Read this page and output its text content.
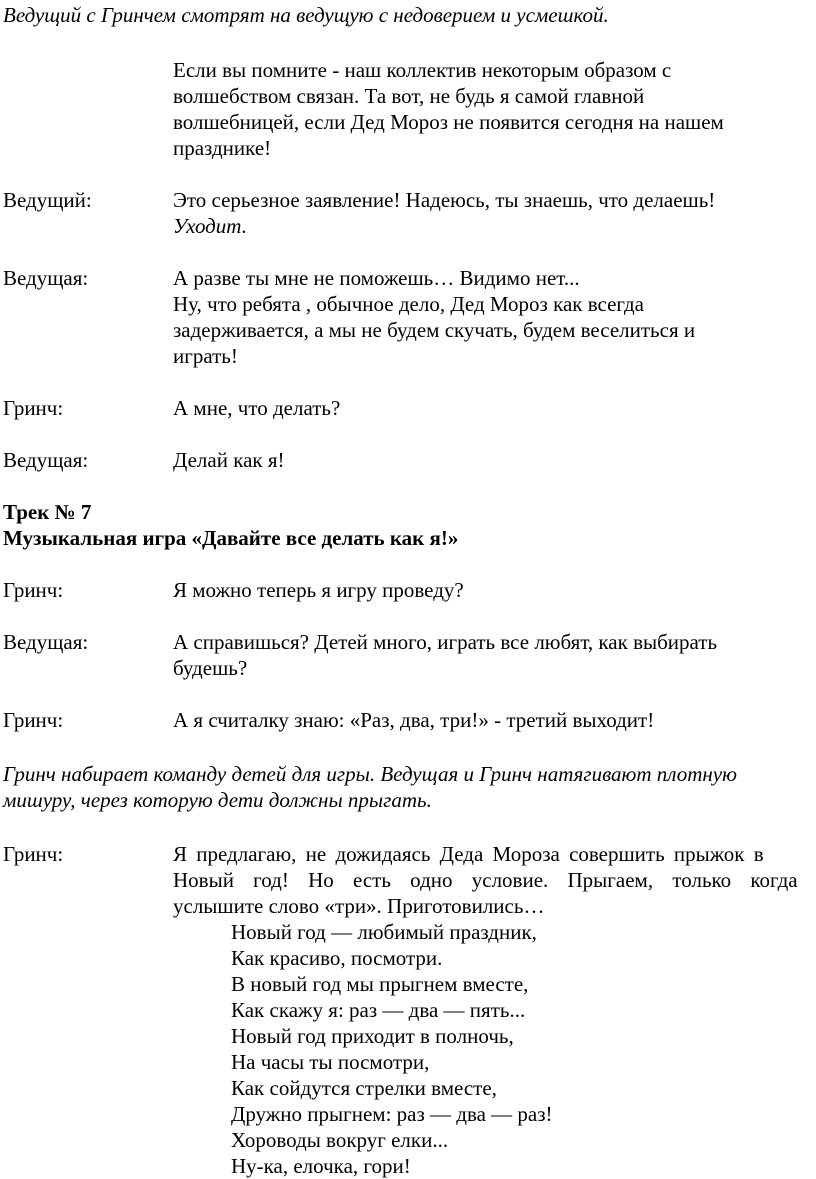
Ведущий с Гринчем смотрят на ведущую с недоверием и усмешкой.

Если вы помните - наш коллектив некоторым образом с

волшебством связан. Та вот, не будь я самой главной

волшебницей, если Дед Мороз не появится сегодня на нашем

празднике!

Ведущий:	Это серьезное заявление! Надеюсь, ты знаешь, что делаешь!

Уходит.

Ведущая:	А разве ты мне не поможешь… Видимо нет...

Ну, что ребята , обычное дело, Дед Мороз как всегда

задерживается, а мы не будем скучать, будем веселиться и

играть!

Гринч:	А мне, что делать?

Ведущая:	Делай как я!

Трек № 7
Музыкальная игра «Давайте все делать как я!»
Гринч:	Я можно теперь я игру проведу?

Ведущая:	А справишься? Детей много, играть все любят, как выбирать

будешь?

Гринч:	А я считалку знаю: «Раз, два, три!» - третий выходит!

Гринч набирает команду детей для игры. Ведущая и Гринч натягивают плотную
мишуру, через которую дети должны прыгать.
Гринч:	Я предлагаю, не дожидаясь Деда Мороза совершить прыжок в

Новый год! Но есть одно условие. Прыгаем, только когда

услышите слово «три». Приготовились…

Новый год — любимый праздник,
Как красиво, посмотри.
В новый год мы прыгнем вместе,
Как скажу я: раз — два — пять...
Новый год приходит в полночь,
На часы ты посмотри,
Как сойдутся стрелки вместе,
Дружно прыгнем: раз — два — раз!
Хороводы вокруг елки...
Ну-ка, елочка, гори!
